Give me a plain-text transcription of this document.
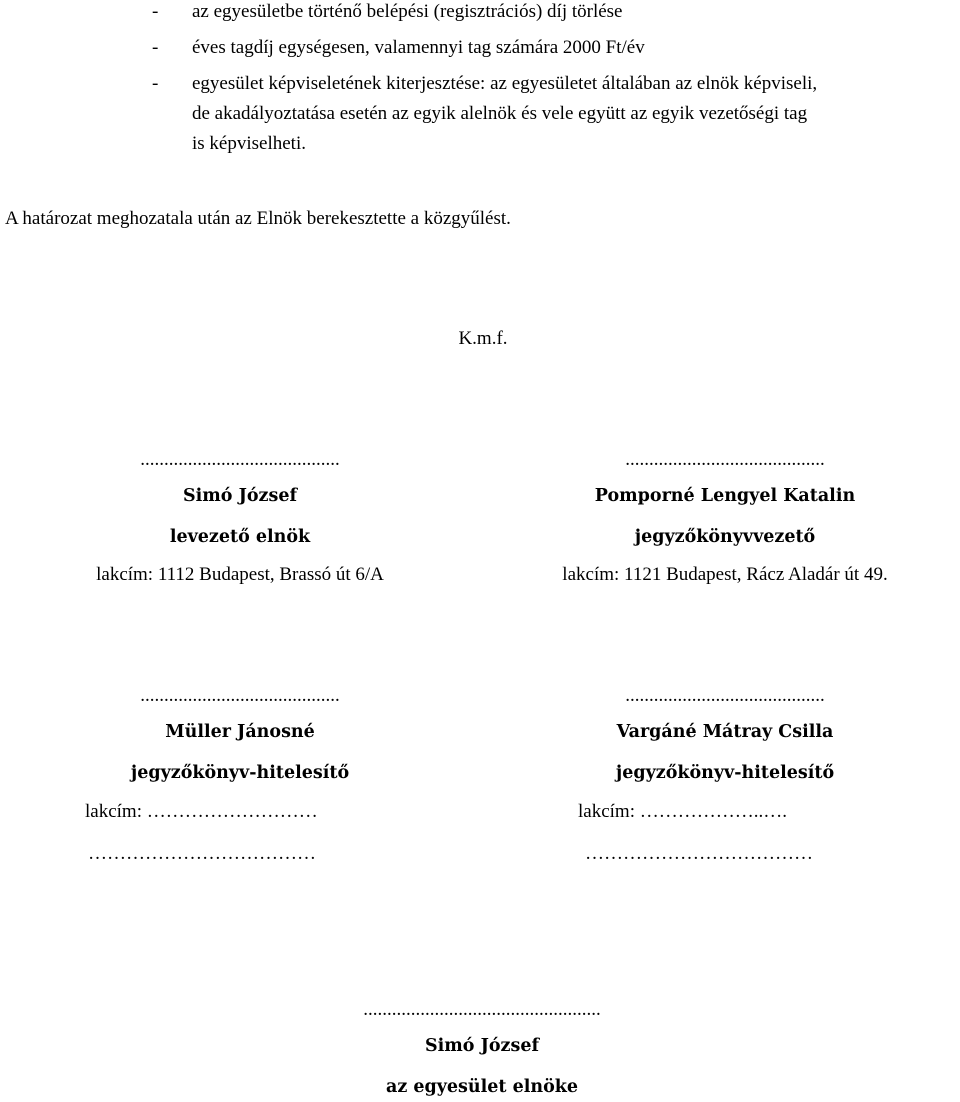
- az egyesületbe történő belépési (regisztrációs) díj törlése
- éves tagdíj egységesen, valamennyi tag számára 2000 Ft/év
- egyesület képviseletének kiterjesztése: az egyesületet általában az elnök képviseli,
de akadályoztatása esetén az egyik alelnök és vele együtt az egyik vezetőségi tag
is képviselheti.
A határozat meghozatala után az Elnök berekesztette a közgyűlést.
K.m.f.
..........................................
Simó József
levezető elnök
lakcím: 1112 Budapest, Brassó út 6/A
..........................................
Pomporné Lengyel Katalin
jegyzőkönyvvezető
lakcím: 1121 Budapest, Rácz Aladár út 49.
..........................................
Müller Jánosné
jegyzőkönyv-hitelesítő
lakcím: ………………………
………………………………
..........................................
Vargáné Mátray Csilla
jegyzőkönyv-hitelesítő
lakcím: ………………..….
………………………………
..................................................
Simó József
az egyesület elnöke
